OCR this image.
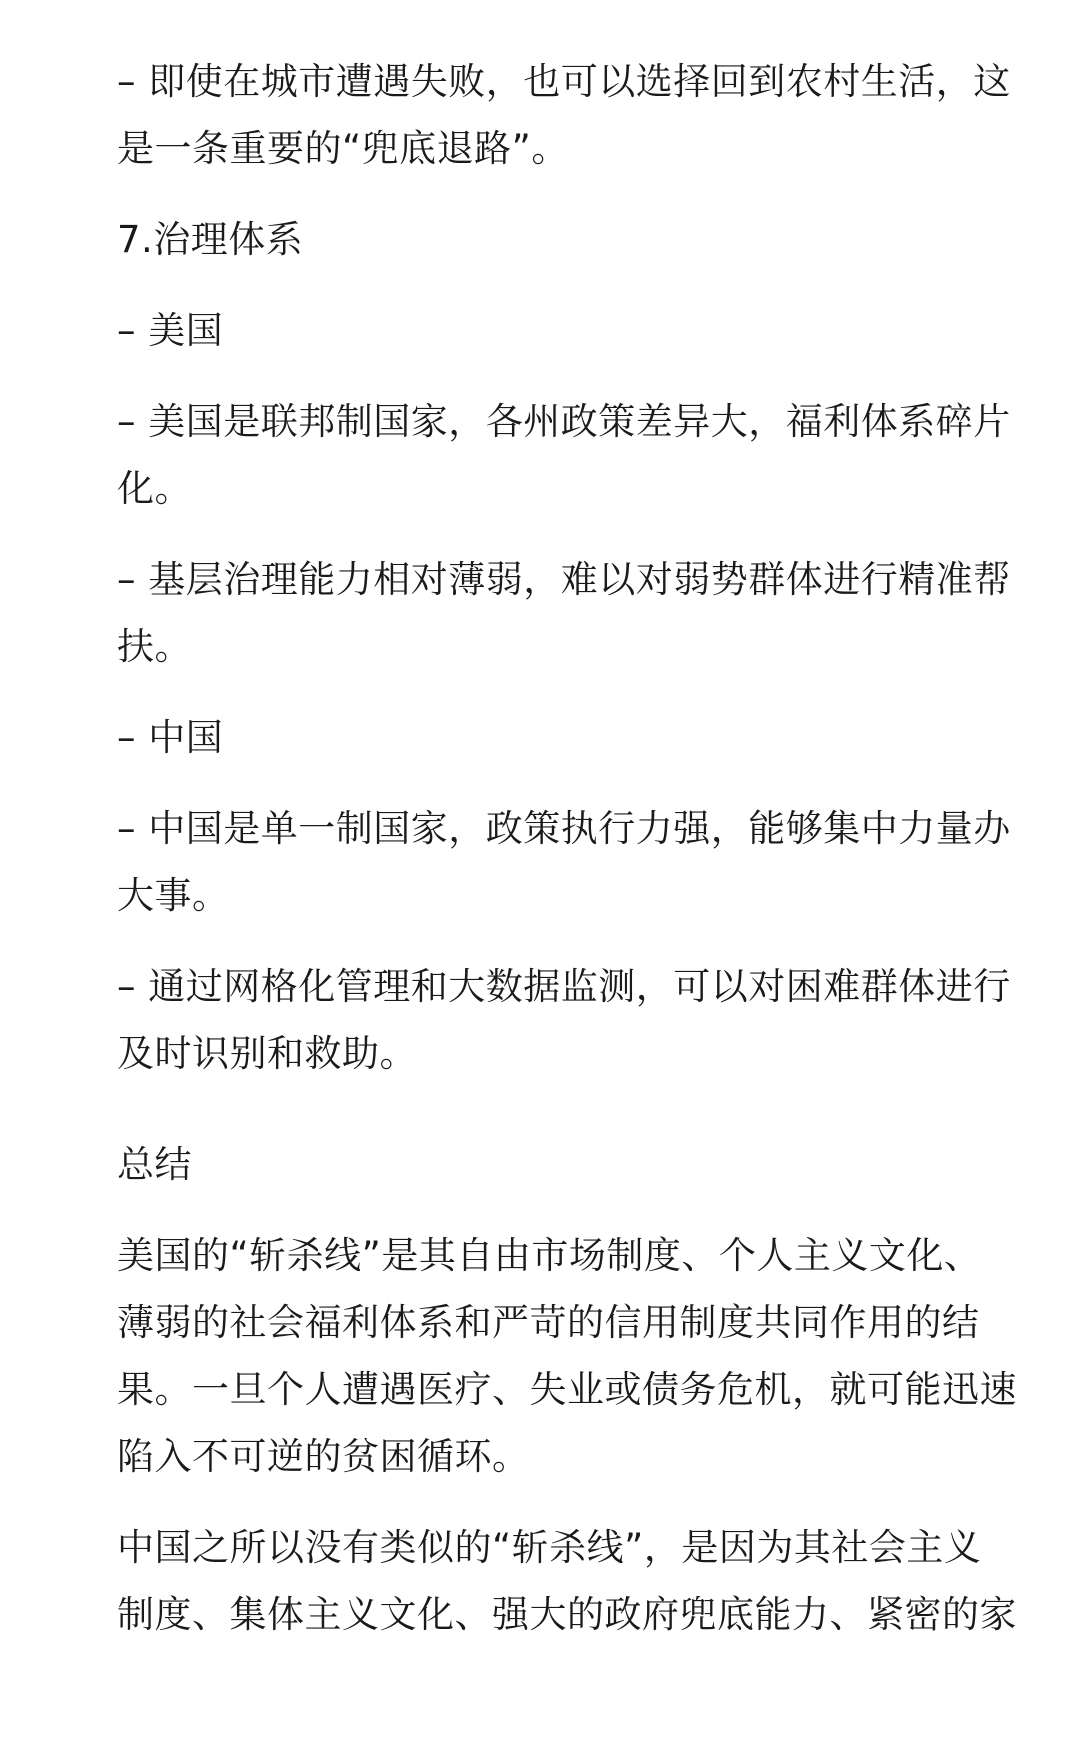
– 即使在城市遭遇失败，也可以选择回到农村生活，这是一条重要的“兜底退路”。

7.治理体系

– 美国

– 美国是联邦制国家，各州政策差异大，福利体系碎片化。

– 基层治理能力相对薄弱，难以对弱势群体进行精准帮扶。

– 中国

– 中国是单一制国家，政策执行力强，能够集中力量办大事。

– 通过网格化管理和大数据监测，可以对困难群体进行及时识别和救助。

总结

美国的“斩杀线”是其自由市场制度、个人主义文化、薄弱的社会福利体系和严苛的信用制度共同作用的结果。一旦个人遭遇医疗、失业或债务危机，就可能迅速陷入不可逆的贫困循环。

中国之所以没有类似的“斩杀线”，是因为其社会主义制度、集体主义文化、强大的政府兜底能力、紧密的家
